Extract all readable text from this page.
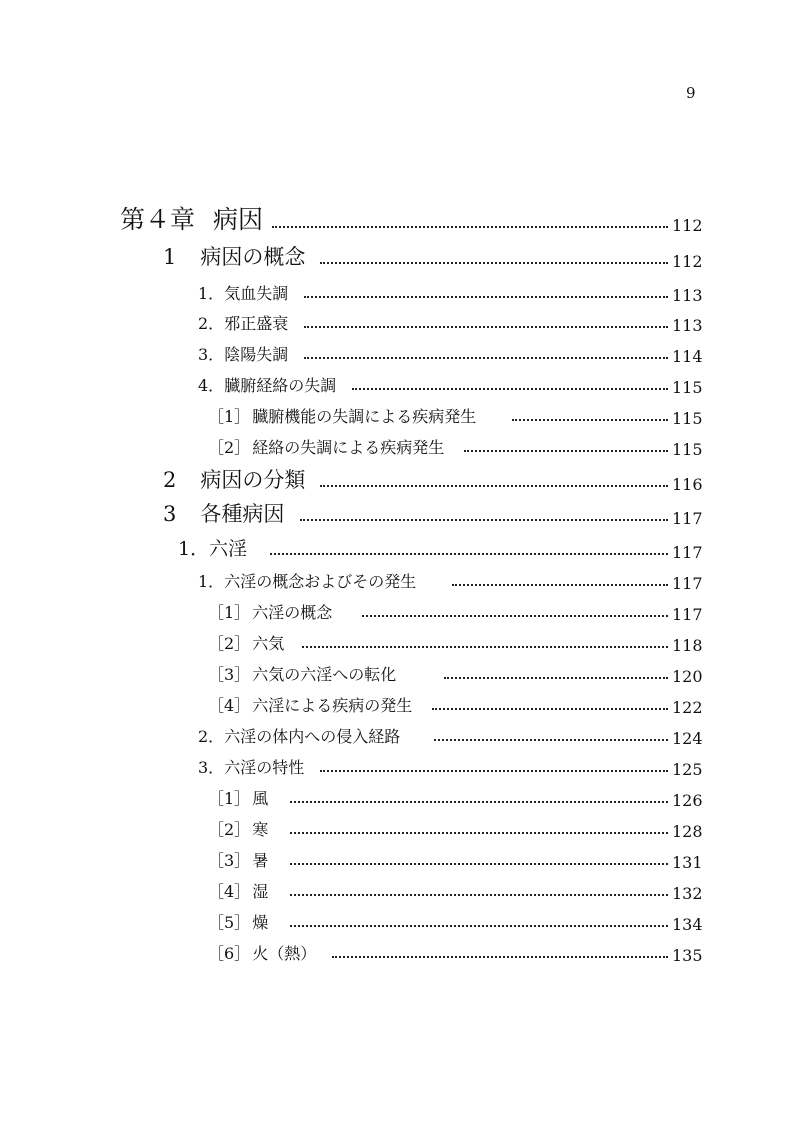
9
第４章 病因	112
1 病因の概念	112
1．気血失調	113
2．邪正盛衰	113
3．陰陽失調	114
4．臓腑経絡の失調	115
［1］ 臓腑機能の失調による疾病発生	115
［2］ 経絡の失調による疾病発生	115
2 病因の分類	116
3 各種病因	117
1．六淫	117
1．六淫の概念およびその発生	117
［1］ 六淫の概念	117
［2］ 六気	118
［3］ 六気の六淫への転化	120
［4］ 六淫による疾病の発生	122
2．六淫の体内への侵入経路	124
3．六淫の特性	125
［1］ 風	126
［2］ 寒	128
［3］ 暑	131
［4］ 湿	132
［5］ 燥	134
［6］ 火（熱）	135
